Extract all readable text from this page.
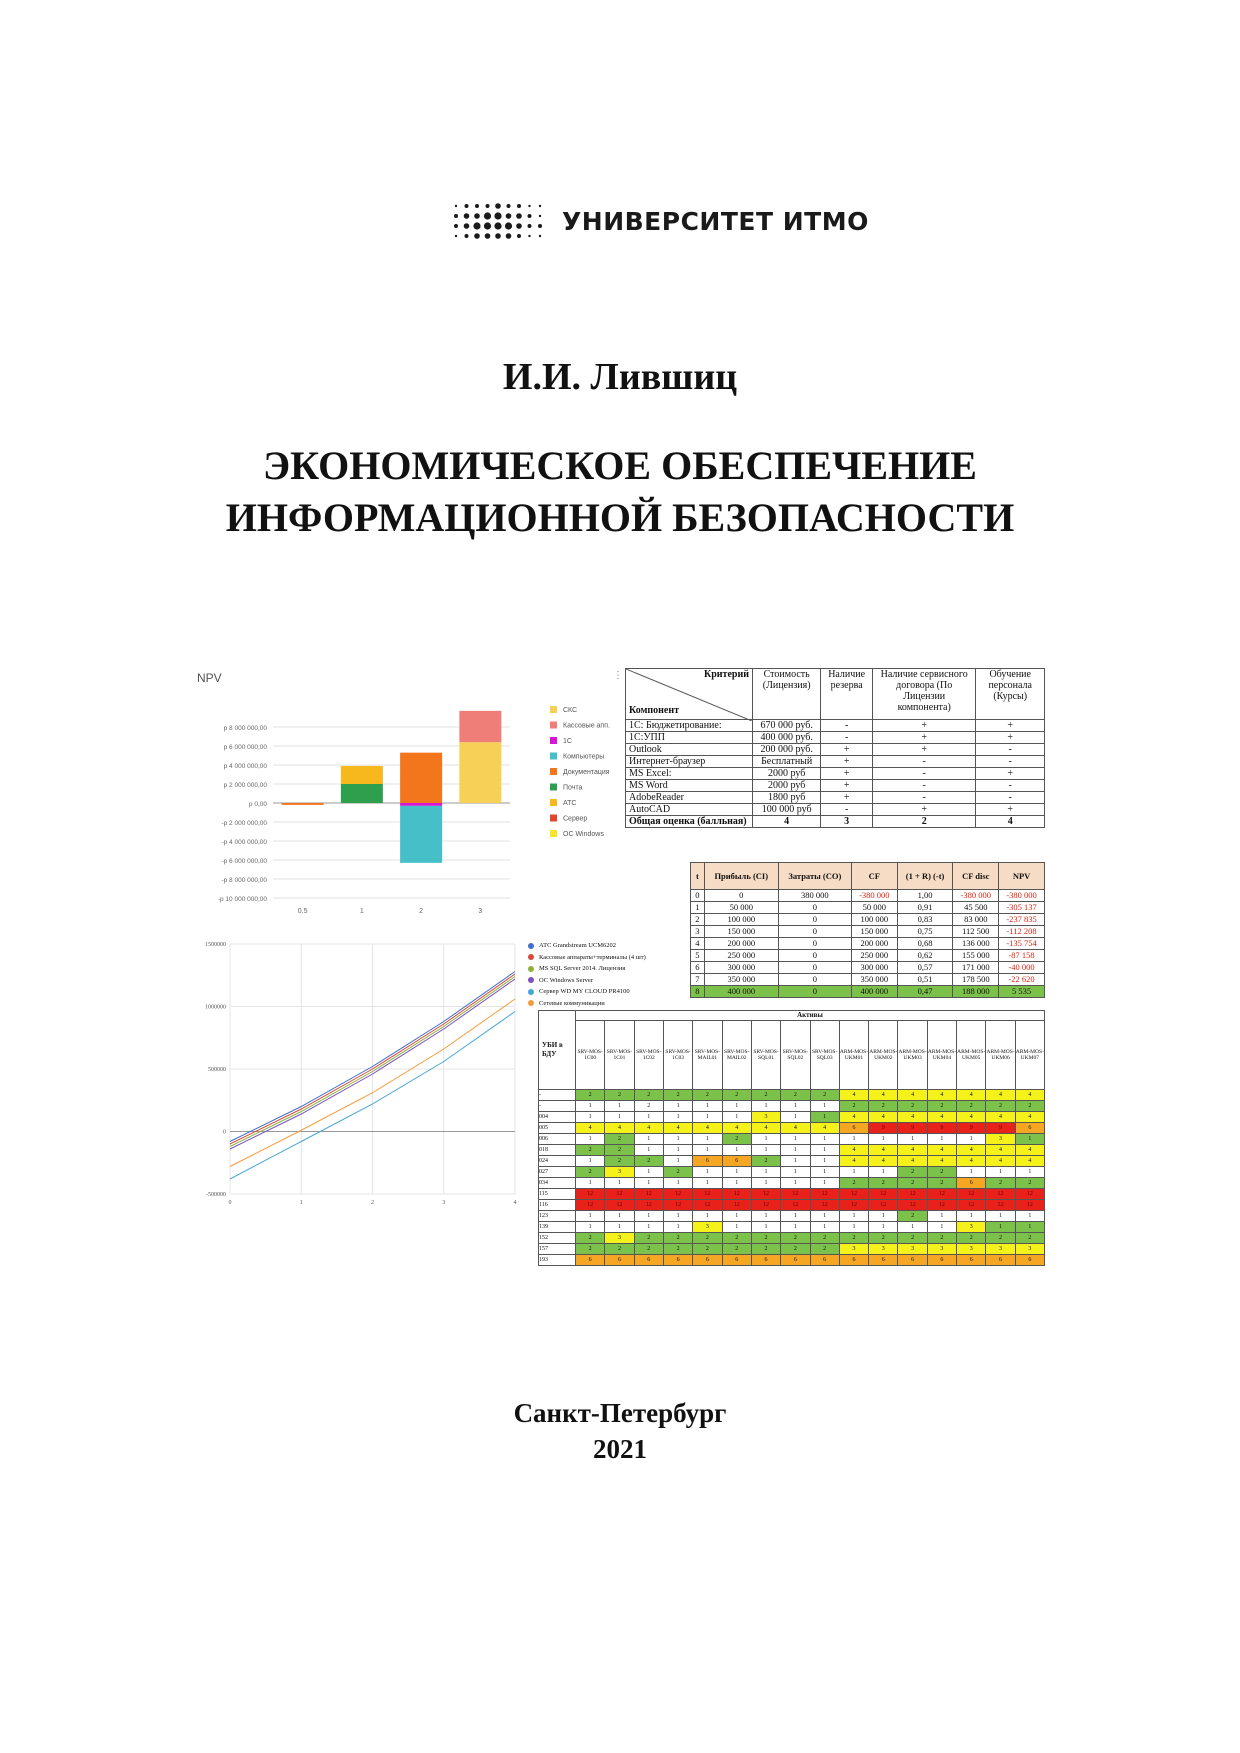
УНИВЕРСИТЕТ ИТМО
И.И. Лившиц
ЭКОНОМИЧЕСКОЕ ОБЕСПЕЧЕНИЕ
ИНФОРМАЦИОННОЙ БЕЗОПАСНОСТИ
NPV
р 8 000 000,00
р 6 000 000,00
р 4 000 000,00
р 2 000 000,00
р 0,00
-р 2 000 000,00
-р 4 000 000,00
-р 6 000 000,00
-р 8 000 000,00
-р 10 000 000,00
0.5	1	2	3
СКС
Кассовые апп.
1С
Компьютеры
Документация
Почта
АТС
Сервер
ОС Windows
⋮
0	1	2	3	4
1500000
1000000
500000
0
-500000
Критерий
Компонент	Стоимость (Лицензия)	Наличие резерва	Наличие сервисного договора (По Лицензии компонента)	Обучение персонала (Курсы)
1С: Бюджетирование:	670 000 руб.	-	+	+
1С:УПП	400 000 руб.	-	+	+
Outlook	200 000 руб.	+	+	-
Интернет-браузер	Бесплатный	+	-	-
MS Excel:	2000 руб	+	-	+
MS Word	2000 руб	+	-	-
AdobeReader	1800 руб	+	-	-
AutoCAD	100 000 руб	-	+	+
Общая оценка (балльная)	4	3	2	4
t	Прибыль (CI)	Затраты (CO)	CF	(1 + R) (-t)	CF disc	NPV
0	0	380 000	-380 000	1,00	-380 000	-380 000
1	50 000	0	50 000	0,91	45 500	-305 137
2	100 000	0	100 000	0,83	83 000	-237 835
3	150 000	0	150 000	0,75	112 500	-112 208
4	200 000	0	200 000	0,68	136 000	-135 754
5	250 000	0	250 000	0,62	155 000	-87 158
6	300 000	0	300 000	0,57	171 000	-40 000
7	350 000	0	350 000	0,51	178 500	-22 620
8	400 000	0	400 000	0,47	188 000	5 535
УБИ в БДУ	Активы															
	SRV-MOS-1C00	SRV-MOS-1C01	SRV-MOS-1C02	SRV-MOS-1C03	SRV-MOS-MAIL01	SRV-MOS-MAIL02	SRV-MOS-SQL01	SRV-MOS-SQL02	SRV-MOS-SQL03	ARM-MOS-UKM01	ARM-MOS-UKM02	ARM-MOS-UKM03	ARM-MOS-UKM04	ARM-MOS-UKM05	ARM-MOS-UKM06	ARM-MOS-UKM07
-	2	2	2	2	2	2	2	2	2	4	4	4	4	4	4	4
-	1	1	2	1	1	1	1	1	1	2	2	2	2	2	2	2
004	1	1	1	1	1	1	3	1	1	4	4	4	4	4	4	4
005	4	4	4	4	4	4	4	4	4	6	9	9	9	9	9	6
006	1	2	1	1	1	2	1	1	1	1	1	1	1	1	3	1
018	2	2	1	1	1	1	1	1	1	4	4	4	4	4	4	4
024	1	2	2	1	6	6	2	1	1	4	4	4	4	4	4	4
027	2	3	1	2	1	1	1	1	1	1	1	2	2	1	1	1
034	1	1	1	1	1	1	1	1	1	2	2	2	2	6	2	2
115	12	12	12	12	12	12	12	12	12	12	12	12	12	12	12	12
116	12	12	12	12	12	12	12	12	12	12	12	12	12	12	12	12
123	1	1	1	1	1	1	1	1	1	1	1	2	1	1	1	1
139	1	1	1	1	3	1	1	1	1	1	1	1	1	3	1	1
152	2	3	2	2	2	2	2	2	2	2	2	2	2	2	2	2
157	2	2	2	2	2	2	2	2	2	3	3	3	3	3	3	3
193	6	6	6	6	6	6	6	6	6	6	6	6	6	6	6	6
Санкт-Петербург
2021
АТС Grandstream UCM6202
Кассовые аппараты+терминалы (4 шт)
MS SQL Server 2014. Лицензия
ОС Windows Server
Сервер WD MY CLOUD PR4100
Сетевые коммуникации
